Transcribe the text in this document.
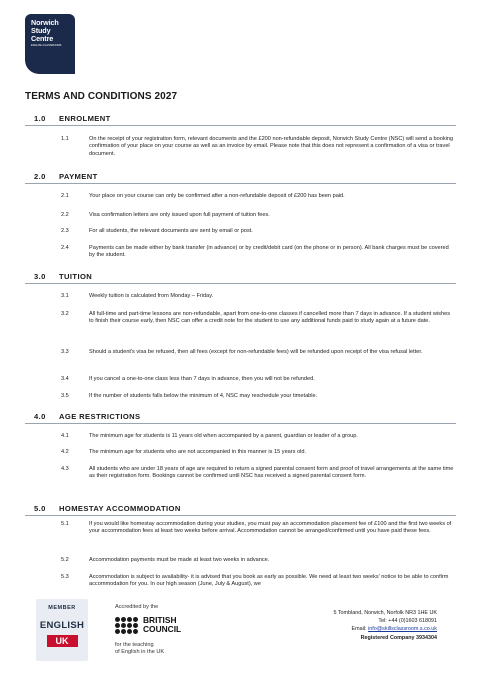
Norwich
Study
Centre
ENGLISH CLASSROOMS
TERMS AND CONDITIONS 2027
1.0	ENROLMENT
1.1	On the receipt of your registration form, relevant documents and the £200 non-refundable deposit, Norwich Study Centre (NSC) will send a booking confirmation of your place on your course as well as an invoice by email. Please note that this does not represent a confirmation of a visa or travel document.
2.0	PAYMENT
2.1	Your place on your course can only be confirmed after a non-refundable deposit of £200 has been paid.
2.2	Visa confirmation letters are only issued upon full payment of tuition fees.
2.3	For all students, the relevant documents are sent by email or post.
2.4	Payments can be made either by bank transfer (in advance) or by credit/debit card (on the phone or in person). All bank charges must be covered by the student.
3.0	TUITION
3.1	Weekly tuition is calculated from Monday – Friday.
3.2	All full-time and part-time lessons are non-refundable, apart from one-to-one classes if cancelled more than 7 days in advance. If a student wishes to finish their course early, then NSC can offer a credit note for the student to use any additional funds paid to study again at a future date.
3.3	Should a student's visa be refused, then all fees (except for non-refundable fees) will be refunded upon receipt of the visa refusal letter.
3.4	If you cancel a one-to-one class less than 7 days in advance, then you will not be refunded.
3.5	If the number of students falls below the minimum of 4, NSC may reschedule your timetable.
4.0	AGE RESTRICTIONS
4.1	The minimum age for students is 11 years old when accompanied by a parent, guardian or leader of a group.
4.2	The minimum age for students who are not accompanied in this manner is 15 years old.
4.3	All students who are under 18 years of age are required to return a signed parental consent form and proof of travel arrangements at the same time as their registration form. Bookings cannot be confirmed until NSC has received a signed parental consent form.
5.0	HOMESTAY ACCOMMODATION
5.1	If you would like homestay accommodation during your studies, you must pay an accommodation placement fee of £100 and the first two weeks of your accommodation fees at least two weeks before arrival. Accommodation cannot be arranged/confirmed until you have paid these fees.
5.2	Accommodation payments must be made at least two weeks in advance.
5.3	Accommodation is subject to availability- it is advised that you book as early as possible. We need at least two weeks' notice to be able to confirm accommodation for you. In our high season (June, July & August), we
MEMBER
ENGLISH
UK
Accredited by the
BRITISH
COUNCIL
for the teaching
of English in the UK
5 Tombland, Norwich, Norfolk NR3 1HE UK
Tel: +44 (0)1603 618091
Email: info@skillsclassroom.s.co.uk
Registered Company 3934304
